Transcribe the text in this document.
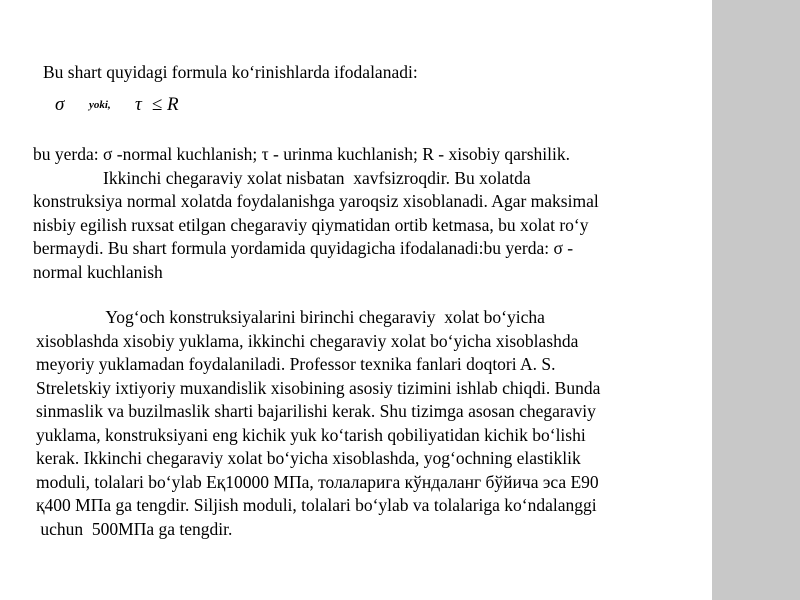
Bu shart quyidagi formula ko‘rinishlarda ifodalanadi:
σ yoki, τ ≤ R
bu yerda: σ -normal kuchlanish; τ - urinma kuchlanish; R - xisobiy qarshilik.
Ikkinchi chegaraviy xolat nisbatan  xavfsizroqdir. Bu xolatda
konstruksiya normal xolatda foydalanishga yaroqsiz xisoblanadi. Agar maksimal
nisbiy egilish ruxsat etilgan chegaraviy qiymatidan ortib ketmasa, bu xolat ro‘y
bermaydi. Bu shart formula yordamida quyidagicha ifodalanadi:bu yerda: σ -
normal kuchlanish
Yog‘och konstruksiyalarini birinchi chegaraviy  xolat bo‘yicha
xisoblashda xisobiy yuklama, ikkinchi chegaraviy xolat bo‘yicha xisoblashda
meyoriy yuklamadan foydalaniladi. Professor texnika fanlari doqtori A. S.
Streletskiy ixtiyoriy muxandislik xisobining asosiy tizimini ishlab chiqdi. Bunda
sinmaslik va buzilmaslik sharti bajarilishi kerak. Shu tizimga asosan chegaraviy
yuklama, konstruksiyani eng kichik yuk ko‘tarish qobiliyatidan kichik bo‘lishi
kerak. Ikkinchi chegaraviy xolat bo‘yicha xisoblashda, yog‘ochning elastiklik
moduli, tolalari bo‘ylab Eқ10000 МПа, толаларига кўндаланг бўйича эса E90
қ400 МПа ga tengdir. Siljish moduli, tolalari bo‘ylab va tolalariga ko‘ndalanggi
uchun  500МПа ga tengdir.
